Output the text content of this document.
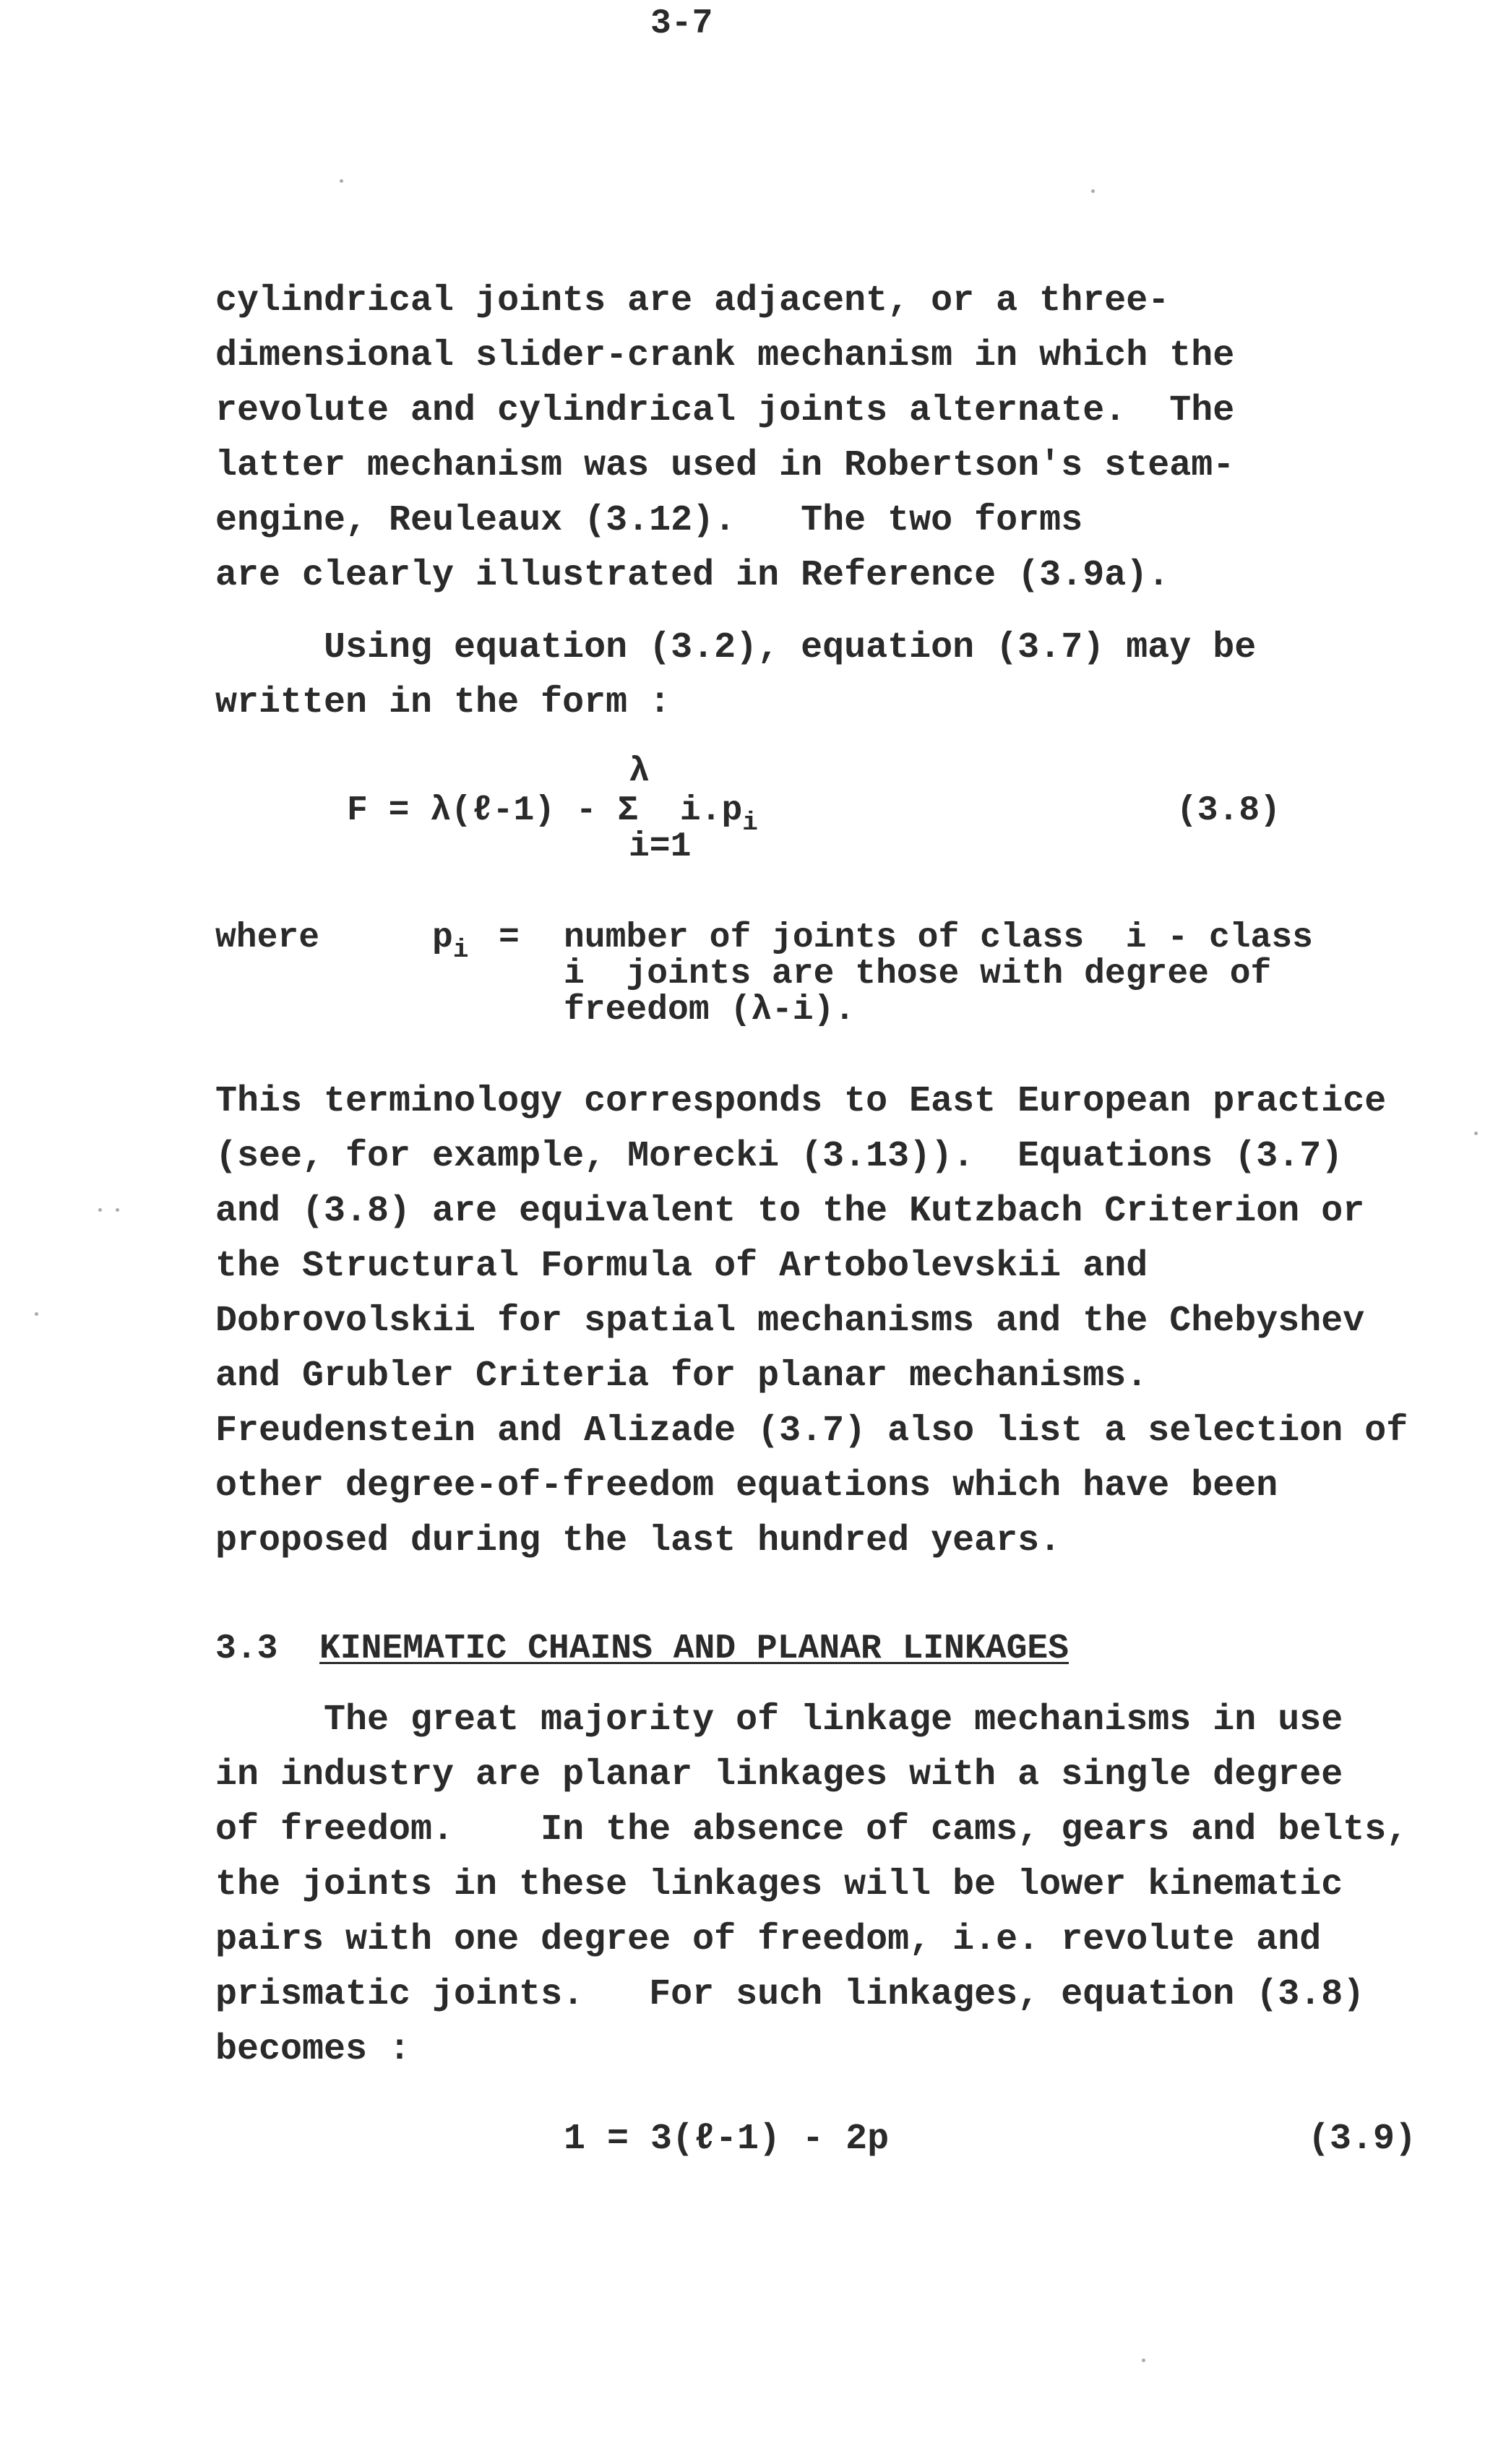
3-7
cylindrical joints are adjacent, or a three-
dimensional slider-crank mechanism in which the
revolute and cylindrical joints alternate.  The
latter mechanism was used in Robertson's steam-
engine, Reuleaux (3.12).   The two forms
are clearly illustrated in Reference (3.9a).
Using equation (3.2), equation (3.7) may be
written in the form :
λ
F = λ(ℓ-1) - Σ  $i.p_i$
i=1
(3.8)
where	$p_i$ = number of joints of class  i - class
i  joints are those with degree of
freedom (λ-i).
This terminology corresponds to East European practice
(see, for example, Morecki (3.13)).  Equations (3.7)
and (3.8) are equivalent to the Kutzbach Criterion or
the Structural Formula of Artobolevskii and
Dobrovolskii for spatial mechanisms and the Chebyshev
and Grubler Criteria for planar mechanisms.
Freudenstein and Alizade (3.7) also list a selection of
other degree-of-freedom equations which have been
proposed during the last hundred years.
3.3 KINEMATIC CHAINS AND PLANAR LINKAGES
The great majority of linkage mechanisms in use
in industry are planar linkages with a single degree
of freedom.    In the absence of cams, gears and belts,
the joints in these linkages will be lower kinematic
pairs with one degree of freedom, i.e. revolute and
prismatic joints.   For such linkages, equation (3.8)
becomes :
1 = 3(ℓ-1) - 2p	(3.9)
